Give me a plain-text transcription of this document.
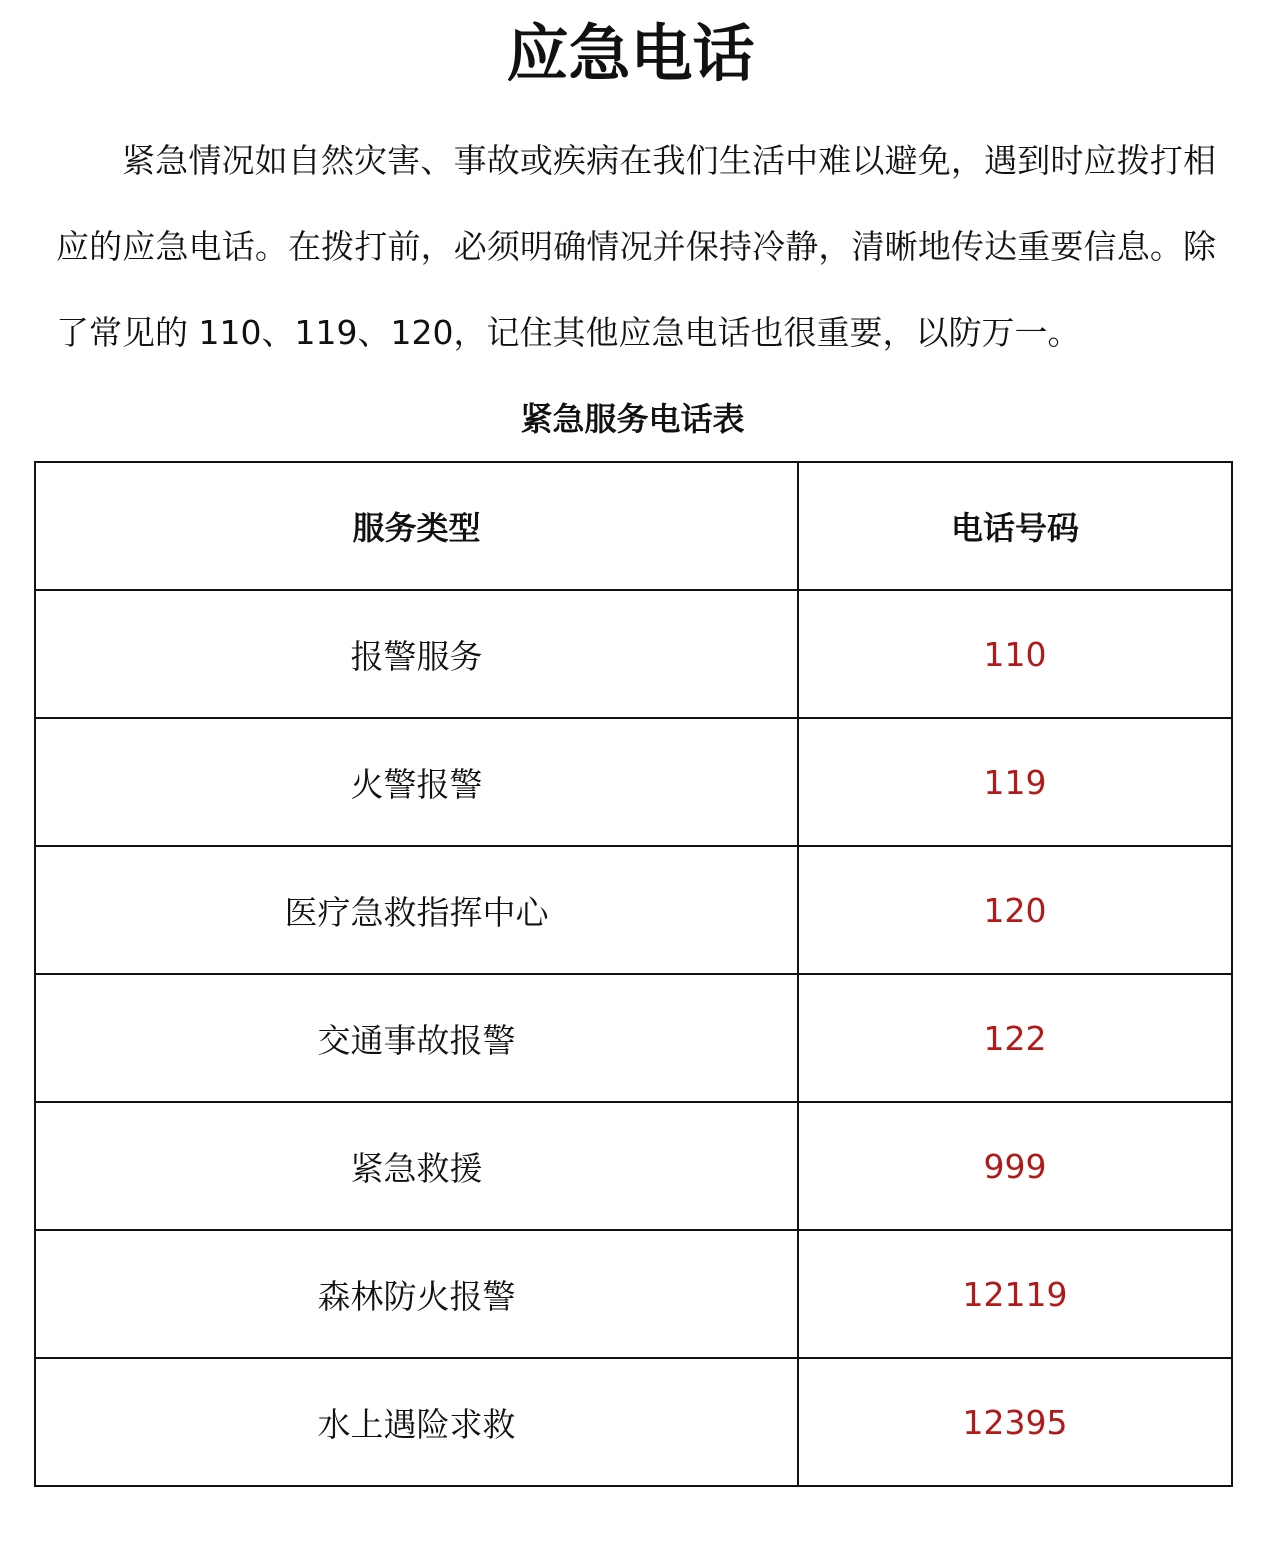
应急电话

紧急情况如自然灾害、事故或疾病在我们生活中难以避免，遇到时应拨打相应的应急电话。在拨打前，必须明确情况并保持冷静，清晰地传达重要信息。除了常见的 110、119、120，记住其他应急电话也很重要，以防万一。

紧急服务电话表
服务类型	电话号码
报警服务	110
火警报警	119
医疗急救指挥中心	120
交通事故报警	122
紧急救援	999
森林防火报警	12119
水上遇险求救	12395
